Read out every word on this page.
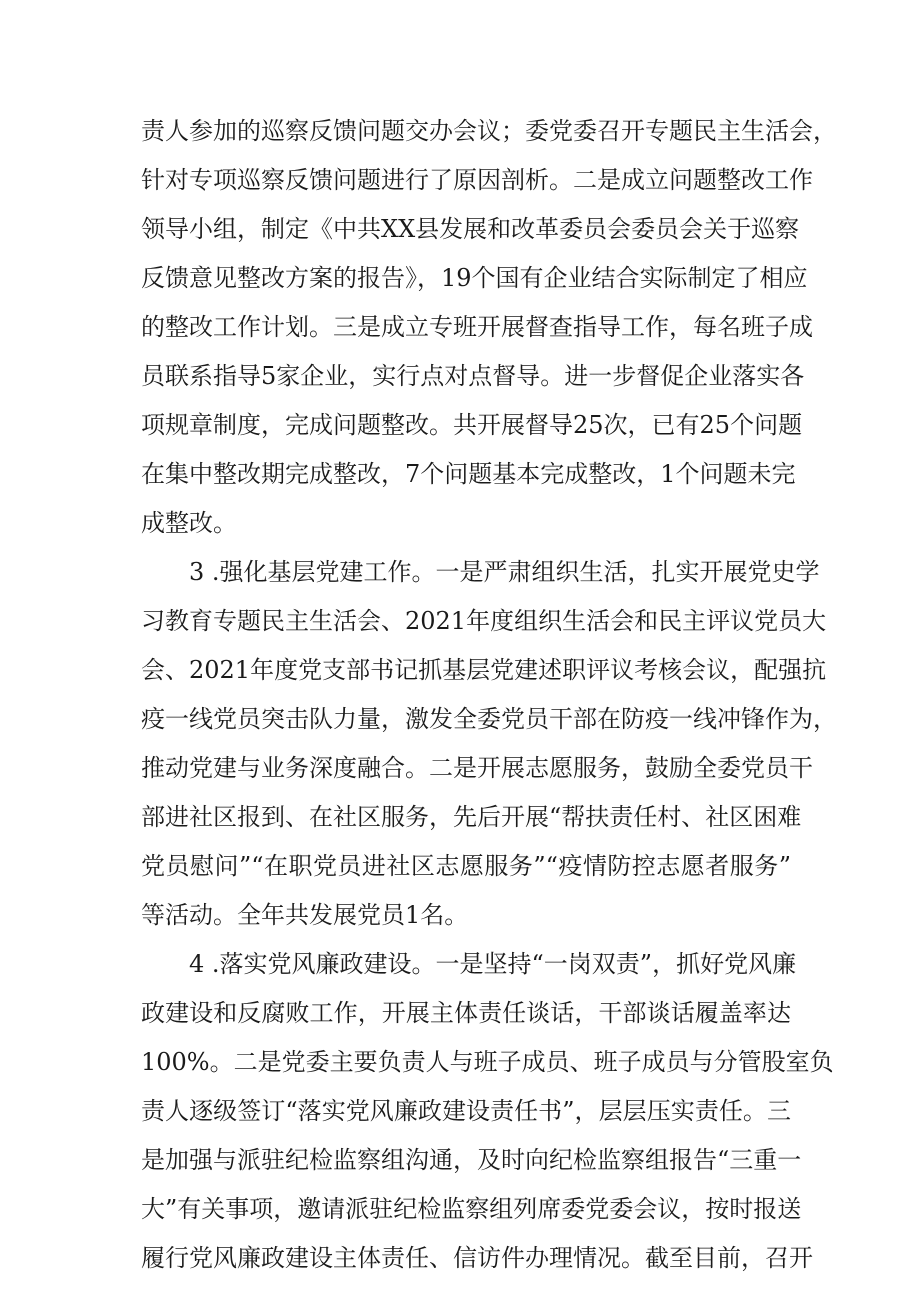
责人参加的巡察反馈问题交办会议；委党委召开专题民主生活会，
针对专项巡察反馈问题进行了原因剖析。二是成立问题整改工作
领导小组，制定《中共XX县发展和改革委员会委员会关于巡察
反馈意见整改方案的报告》，19个国有企业结合实际制定了相应
的整改工作计划。三是成立专班开展督查指导工作，每名班子成
员联系指导5家企业，实行点对点督导。进一步督促企业落实各
项规章制度，完成问题整改。共开展督导25次，已有25个问题
在集中整改期完成整改，7个问题基本完成整改，1个问题未完
成整改。
3 .强化基层党建工作。一是严肃组织生活，扎实开展党史学
习教育专题民主生活会、2021年度组织生活会和民主评议党员大
会、2021年度党支部书记抓基层党建述职评议考核会议，配强抗
疫一线党员突击队力量，激发全委党员干部在防疫一线冲锋作为，
推动党建与业务深度融合。二是开展志愿服务，鼓励全委党员干
部进社区报到、在社区服务，先后开展“帮扶责任村、社区困难
党员慰问”“在职党员进社区志愿服务”“疫情防控志愿者服务”
等活动。全年共发展党员1名。
4 .落实党风廉政建设。一是坚持“一岗双责”，抓好党风廉
政建设和反腐败工作，开展主体责任谈话，干部谈话履盖率达
100%。二是党委主要负责人与班子成员、班子成员与分管股室负
责人逐级签订“落实党风廉政建设责任书”，层层压实责任。三
是加强与派驻纪检监察组沟通，及时向纪检监察组报告“三重一
大”有关事项，邀请派驻纪检监察组列席委党委会议，按时报送
履行党风廉政建设主体责任、信访件办理情况。截至目前，召开
